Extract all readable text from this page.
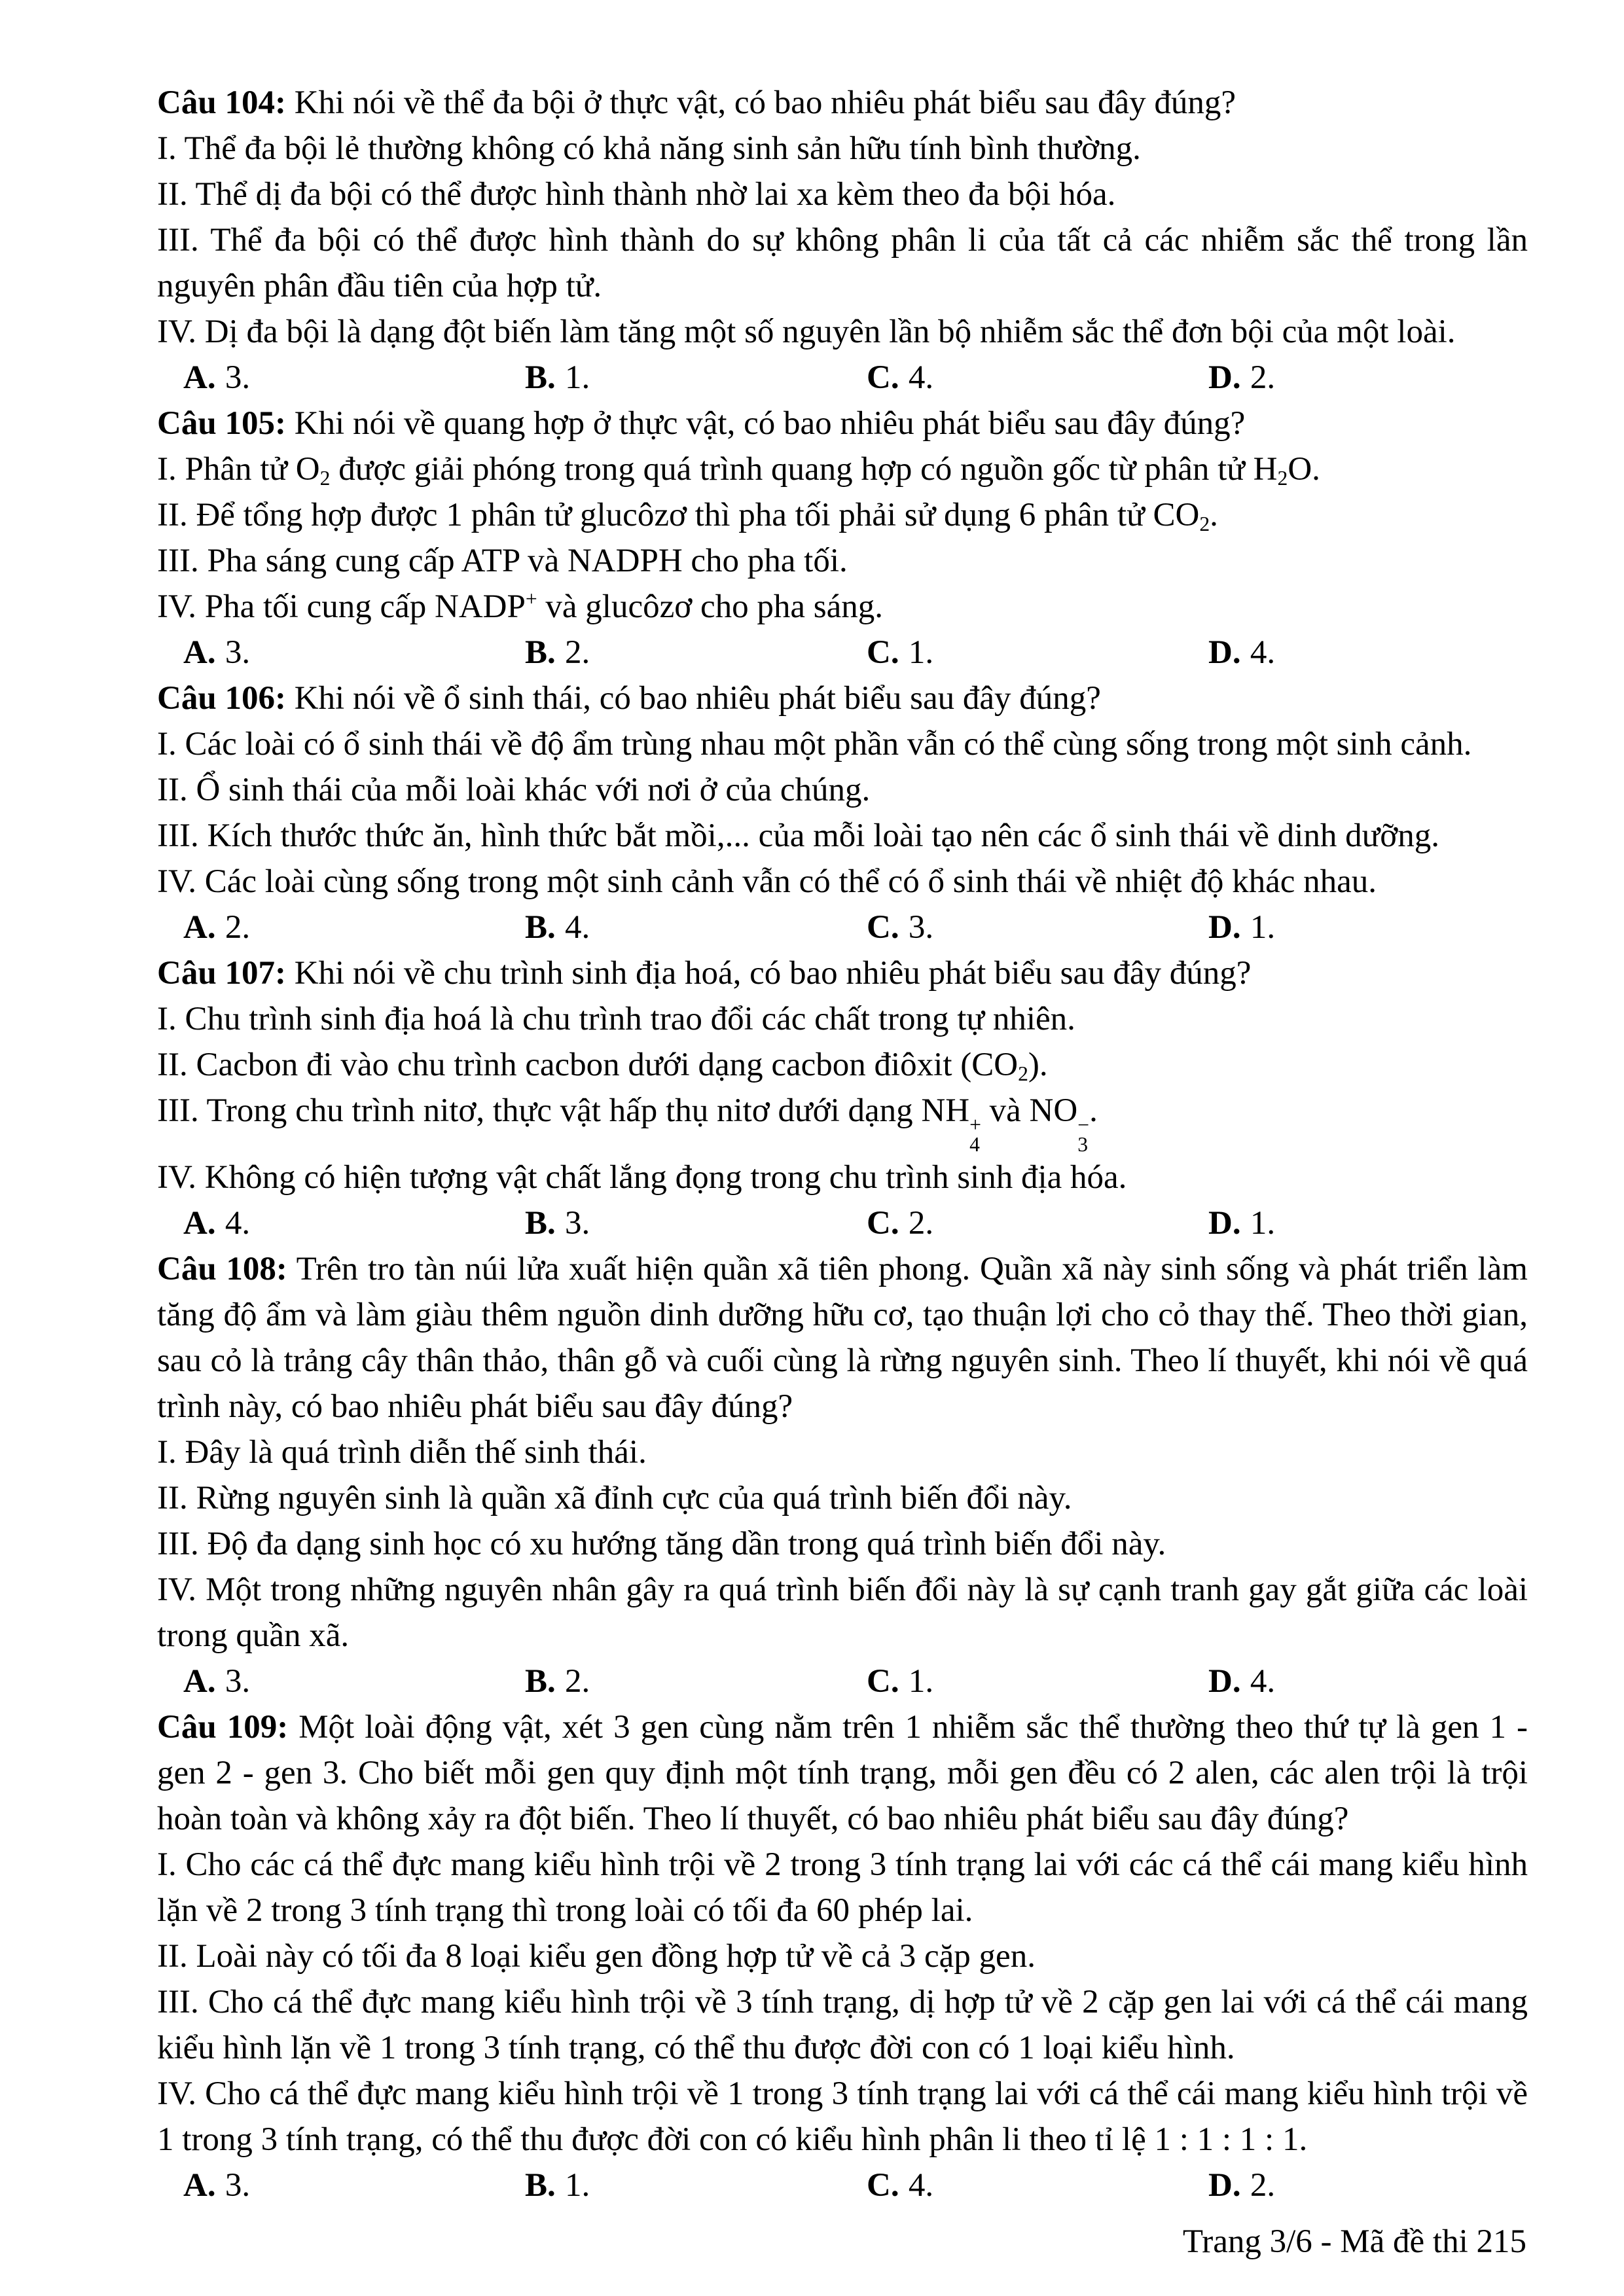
Câu 104: Khi nói về thể đa bội ở thực vật, có bao nhiêu phát biểu sau đây đúng?

I. Thể đa bội lẻ thường không có khả năng sinh sản hữu tính bình thường.

II. Thể dị đa bội có thể được hình thành nhờ lai xa kèm theo đa bội hóa.

III. Thể đa bội có thể được hình thành do sự không phân li của tất cả các nhiễm sắc thể trong lần nguyên phân đầu tiên của hợp tử.

IV. Dị đa bội là dạng đột biến làm tăng một số nguyên lần bộ nhiễm sắc thể đơn bội của một loài.

A. 3.	B. 1.	C. 4.	D. 2.

Câu 105: Khi nói về quang hợp ở thực vật, có bao nhiêu phát biểu sau đây đúng?

I. Phân tử $O_2$ được giải phóng trong quá trình quang hợp có nguồn gốc từ phân tử $H_2O$.

II. Để tổng hợp được 1 phân tử glucôzơ thì pha tối phải sử dụng 6 phân tử $CO_2$.

III. Pha sáng cung cấp ATP và NADPH cho pha tối.

IV. Pha tối cung cấp NADP+ và glucôzơ cho pha sáng.

A. 3.	B. 2.	C. 1.	D. 4.

Câu 106: Khi nói về ổ sinh thái, có bao nhiêu phát biểu sau đây đúng?

I. Các loài có ổ sinh thái về độ ẩm trùng nhau một phần vẫn có thể cùng sống trong một sinh cảnh.

II. Ổ sinh thái của mỗi loài khác với nơi ở của chúng.

III. Kích thước thức ăn, hình thức bắt mồi,... của mỗi loài tạo nên các ổ sinh thái về dinh dưỡng.

IV. Các loài cùng sống trong một sinh cảnh vẫn có thể có ổ sinh thái về nhiệt độ khác nhau.

A. 2.	B. 4.	C. 3.	D. 1.

Câu 107: Khi nói về chu trình sinh địa hoá, có bao nhiêu phát biểu sau đây đúng?

I. Chu trình sinh địa hoá là chu trình trao đổi các chất trong tự nhiên.

II. Cacbon đi vào chu trình cacbon dưới dạng cacbon điôxit $(CO_2)$.

III. Trong chu trình nitơ, thực vật hấp thụ nitơ dưới dạng NH +
4
và NO −
3
.

IV. Không có hiện tượng vật chất lắng đọng trong chu trình sinh địa hóa.

A. 4.	B. 3.	C. 2.	D. 1.

Câu 108: Trên tro tàn núi lửa xuất hiện quần xã tiên phong. Quần xã này sinh sống và phát triển làm tăng độ ẩm và làm giàu thêm nguồn dinh dưỡng hữu cơ, tạo thuận lợi cho cỏ thay thế. Theo thời gian, sau cỏ là trảng cây thân thảo, thân gỗ và cuối cùng là rừng nguyên sinh. Theo lí thuyết, khi nói về quá trình này, có bao nhiêu phát biểu sau đây đúng?

I. Đây là quá trình diễn thế sinh thái.

II. Rừng nguyên sinh là quần xã đỉnh cực của quá trình biến đổi này.

III. Độ đa dạng sinh học có xu hướng tăng dần trong quá trình biến đổi này.

IV. Một trong những nguyên nhân gây ra quá trình biến đổi này là sự cạnh tranh gay gắt giữa các loài trong quần xã.

A. 3.	B. 2.	C. 1.	D. 4.

Câu 109: Một loài động vật, xét 3 gen cùng nằm trên 1 nhiễm sắc thể thường theo thứ tự là gen 1 - gen 2 - gen 3. Cho biết mỗi gen quy định một tính trạng, mỗi gen đều có 2 alen, các alen trội là trội hoàn toàn và không xảy ra đột biến. Theo lí thuyết, có bao nhiêu phát biểu sau đây đúng?

I. Cho các cá thể đực mang kiểu hình trội về 2 trong 3 tính trạng lai với các cá thể cái mang kiểu hình lặn về 2 trong 3 tính trạng thì trong loài có tối đa 60 phép lai.

II. Loài này có tối đa 8 loại kiểu gen đồng hợp tử về cả 3 cặp gen.

III. Cho cá thể đực mang kiểu hình trội về 3 tính trạng, dị hợp tử về 2 cặp gen lai với cá thể cái mang kiểu hình lặn về 1 trong 3 tính trạng, có thể thu được đời con có 1 loại kiểu hình.

IV. Cho cá thể đực mang kiểu hình trội về 1 trong 3 tính trạng lai với cá thể cái mang kiểu hình trội về 1 trong 3 tính trạng, có thể thu được đời con có kiểu hình phân li theo tỉ lệ 1 : 1 : 1 : 1.

A. 3.	B. 1.	C. 4.	D. 2.
Trang 3/6 - Mã đề thi 215
